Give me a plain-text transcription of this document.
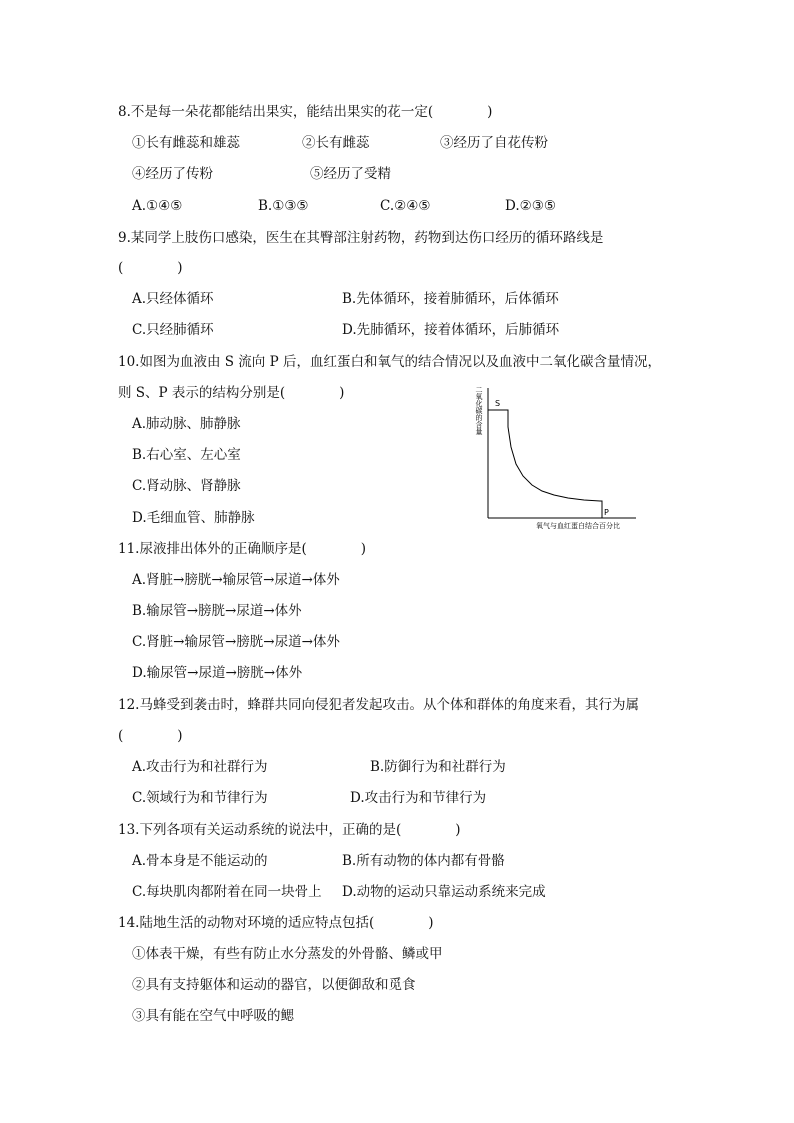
8.不是每一朵花都能结出果实，能结出果实的花一定(　　　　)
①长有雌蕊和雄蕊	②长有雌蕊	③经历了自花传粉
④经历了传粉	⑤经历了受精
A.①④⑤	B.①③⑤	C.②④⑤	D.②③⑤
9.某同学上肢伤口感染，医生在其臀部注射药物，药物到达伤口经历的循环路线是
(　　　　)
A.只经体循环	B.先体循环，接着肺循环，后体循环
C.只经肺循环	D.先肺循环，接着体循环，后肺循环
10.如图为血液由 S 流向 P 后，血红蛋白和氧气的结合情况以及血液中二氧化碳含量情况，
则 S、P 表示的结构分别是(　　　　)
A.肺动脉、肺静脉
B.右心室、左心室
C.肾动脉、肾静脉
D.毛细血管、肺静脉
二氧化碳的含量
氧气与血红蛋白结合百分比
S
P
11.尿液排出体外的正确顺序是(　　　　)
A.肾脏→膀胱→输尿管→尿道→体外
B.输尿管→膀胱→尿道→体外
C.肾脏→输尿管→膀胱→尿道→体外
D.输尿管→尿道→膀胱→体外
12.马蜂受到袭击时，蜂群共同向侵犯者发起攻击。从个体和群体的角度来看，其行为属
(　　　　)
A.攻击行为和社群行为	B.防御行为和社群行为
C.领域行为和节律行为	D.攻击行为和节律行为
13.下列各项有关运动系统的说法中，正确的是(　　　　)
A.骨本身是不能运动的	B.所有动物的体内都有骨骼
C.每块肌肉都附着在同一块骨上 D.动物的运动只靠运动系统来完成
14.陆地生活的动物对环境的适应特点包括(　　　　)
①体表干燥，有些有防止水分蒸发的外骨骼、鳞或甲
②具有支持躯体和运动的器官，以便御敌和觅食
③具有能在空气中呼吸的鳃
